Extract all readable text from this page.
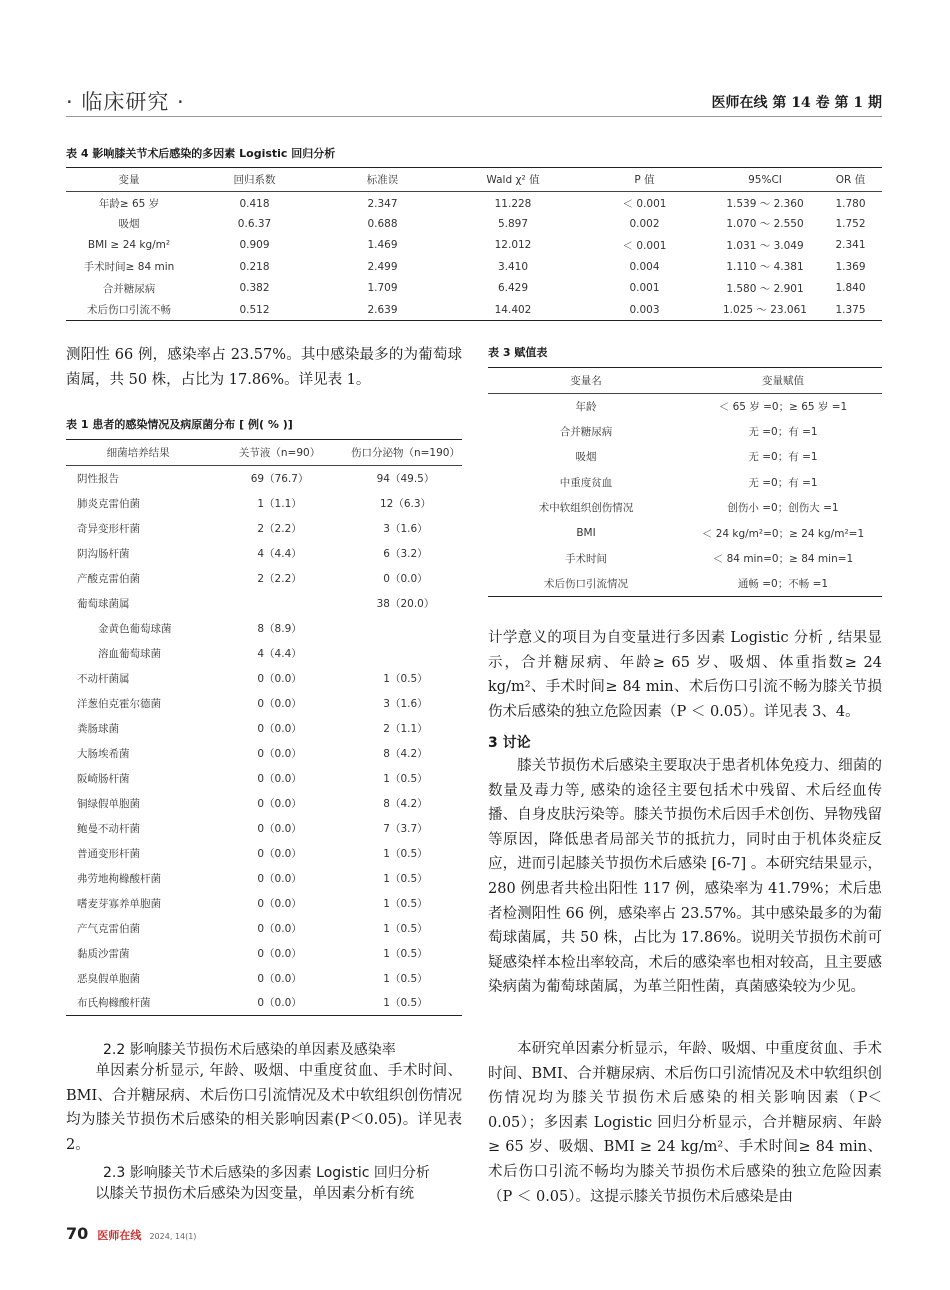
· 临床研究 ·	医师在线 第 14 卷 第 1 期
表 4 影响膝关节术后感染的多因素 Logistic 回归分析
变量	回归系数	标准误	Wald χ² 值	P 值	95%CI	OR 值
年龄≥ 65 岁	0.418	2.347	11.228	＜ 0.001	1.539 ～ 2.360	1.780
吸烟	0.6.37	0.688	5.897	0.002	1.070 ～ 2.550	1.752
BMI ≥ 24 kg/m²	0.909	1.469	12.012	＜ 0.001	1.031 ～ 3.049	2.341
手术时间≥ 84 min	0.218	2.499	3.410	0.004	1.110 ～ 4.381	1.369
合并糖尿病	0.382	1.709	6.429	0.001	1.580 ～ 2.901	1.840
术后伤口引流不畅	0.512	2.639	14.402	0.003	1.025 ～ 23.061	1.375
测阳性 66 例，感染率占 23.57%。其中感染最多的为葡萄球菌属，共 50 株，占比为 17.86%。详见表 1。
表 1 患者的感染情况及病原菌分布 [ 例( % )]
细菌培养结果	关节液（n=90）	伤口分泌物（n=190）
阴性报告	69（76.7）	94（49.5）
肺炎克雷伯菌	1（1.1）	12（6.3）
奇异变形杆菌	2（2.2）	3（1.6）
阴沟肠杆菌	4（4.4）	6（3.2）
产酸克雷伯菌	2（2.2）	0（0.0）
葡萄球菌属		38（20.0）
金黄色葡萄球菌	8（8.9）	
溶血葡萄球菌	4（4.4）	
不动杆菌属	0（0.0）	1（0.5）
洋葱伯克霍尔德菌	0（0.0）	3（1.6）
粪肠球菌	0（0.0）	2（1.1）
大肠埃希菌	0（0.0）	8（4.2）
阪崎肠杆菌	0（0.0）	1（0.5）
铜绿假单胞菌	0（0.0）	8（4.2）
鲍曼不动杆菌	0（0.0）	7（3.7）
普通变形杆菌	0（0.0）	1（0.5）
弗劳地枸橼酸杆菌	0（0.0）	1（0.5）
嗜麦芽寡养单胞菌	0（0.0）	1（0.5）
产气克雷伯菌	0（0.0）	1（0.5）
黏质沙雷菌	0（0.0）	1（0.5）
恶臭假单胞菌	0（0.0）	1（0.5）
布氏枸橼酸杆菌	0（0.0）	1（0.5）
2.2 影响膝关节损伤术后感染的单因素及感染率
单因素分析显示, 年龄、吸烟、中重度贫血、手术时间、BMI、合并糖尿病、术后伤口引流情况及术中软组织创伤情况均为膝关节损伤术后感染的相关影响因素(P＜0.05)。详见表 2。
2.3 影响膝关节术后感染的多因素 Logistic 回归分析
以膝关节损伤术后感染为因变量，单因素分析有统
表 3 赋值表
变量名	变量赋值
年龄	＜ 65 岁 =0；≥ 65 岁 =1
合并糖尿病	无 =0；有 =1
吸烟	无 =0；有 =1
中重度贫血	无 =0；有 =1
术中软组织创伤情况	创伤小 =0；创伤大 =1
BMI	＜ 24 kg/m²=0；≥ 24 kg/m²=1
手术时间	＜ 84 min=0；≥ 84 min=1
术后伤口引流情况	通畅 =0；不畅 =1
计学意义的项目为自变量进行多因素 Logistic 分析 , 结果显示，合并糖尿病、年龄≥ 65 岁、吸烟、体重指数≥ 24 kg/m²、手术时间≥ 84 min、术后伤口引流不畅为膝关节损伤术后感染的独立危险因素（P ＜ 0.05）。详见表 3、4。
3 讨论
膝关节损伤术后感染主要取决于患者机体免疫力、细菌的数量及毒力等, 感染的途径主要包括术中残留、术后经血传播、自身皮肤污染等。膝关节损伤术后因手术创伤、异物残留等原因，降低患者局部关节的抵抗力，同时由于机体炎症反应，进而引起膝关节损伤术后感染 [6-7] 。本研究结果显示，280 例患者共检出阳性 117 例，感染率为 41.79%；术后患者检测阳性 66 例，感染率占 23.57%。其中感染最多的为葡萄球菌属，共 50 株，占比为 17.86%。说明关节损伤术前可疑感染样本检出率较高，术后的感染率也相对较高，且主要感染病菌为葡萄球菌属，为革兰阳性菌，真菌感染较为少见。
本研究单因素分析显示，年龄、吸烟、中重度贫血、手术时间、BMI、合并糖尿病、术后伤口引流情况及术中软组织创伤情况均为膝关节损伤术后感染的相关影响因素（P＜0.05）；多因素 Logistic 回归分析显示，合并糖尿病、年龄≥ 65 岁、吸烟、BMI ≥ 24 kg/m²、手术时间≥ 84 min、术后伤口引流不畅均为膝关节损伤术后感染的独立危险因素（P ＜ 0.05）。这提示膝关节损伤术后感染是由
70 医师在线 2024, 14(1)
